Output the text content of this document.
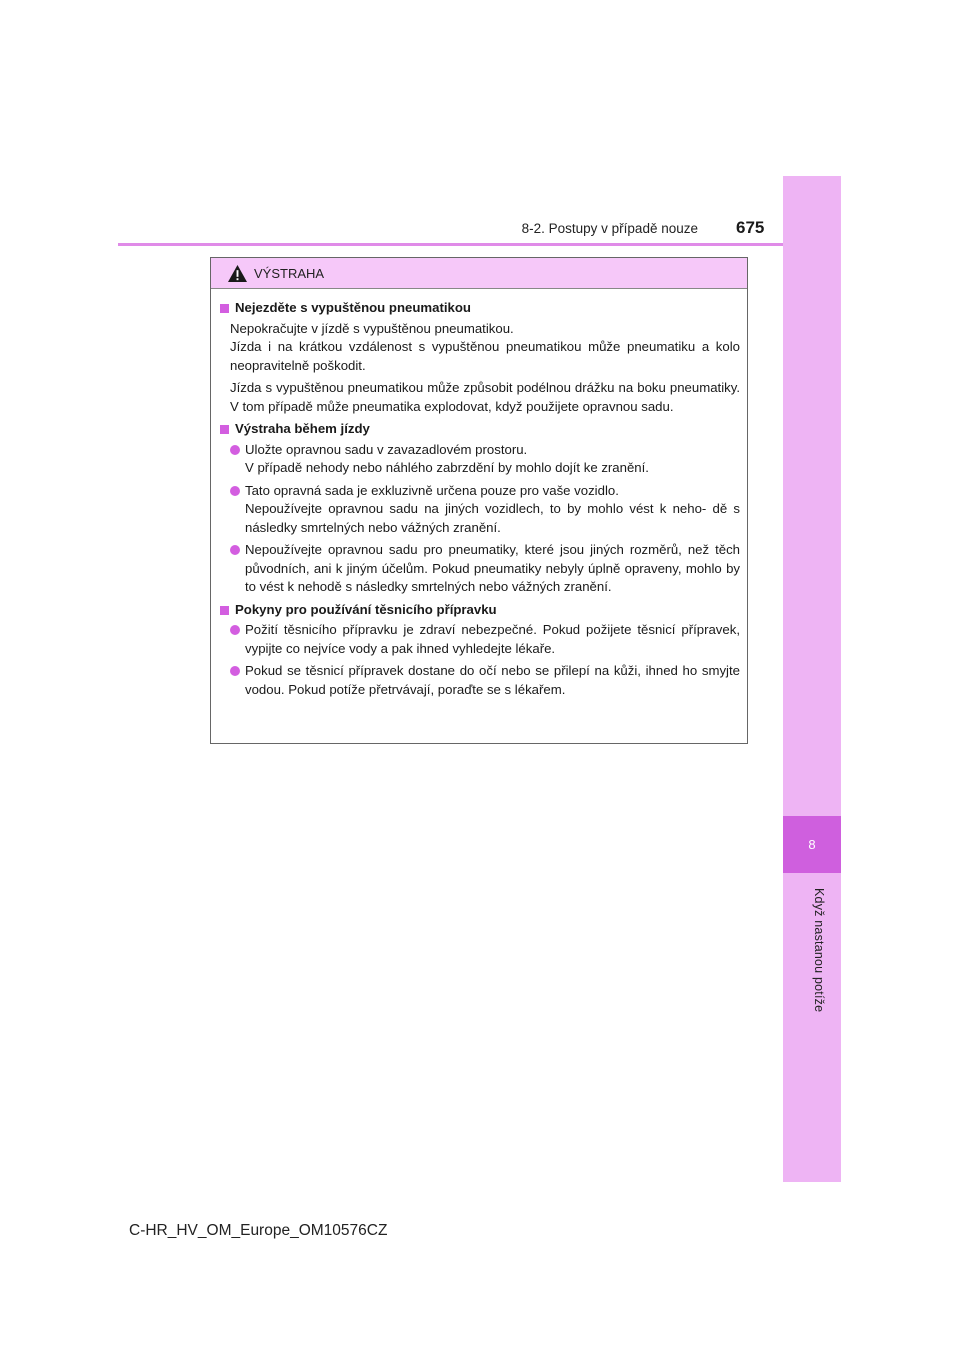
8
Když nastanou potíže
8-2. Postupy v případě nouze 675
VÝSTRAHA
Nejezděte s vypuštěnou pneumatikou
Nepokračujte v jízdě s vypuštěnou pneumatikou.
Jízda i na krátkou vzdálenost s vypuštěnou pneumatikou může pneumatiku a kolo neopravitelně poškodit.
Jízda s vypuštěnou pneumatikou může způsobit podélnou drážku na boku pneumatiky. V tom případě může pneumatika explodovat, když použijete opravnou sadu.
Výstraha během jízdy
Uložte opravnou sadu v zavazadlovém prostoru.
V případě nehody nebo náhlého zabrzdění by mohlo dojít ke zranění.
Tato opravná sada je exkluzivně určena pouze pro vaše vozidlo.
Nepoužívejte opravnou sadu na jiných vozidlech, to by mohlo vést k neho- dě s následky smrtelných nebo vážných zranění.
Nepoužívejte opravnou sadu pro pneumatiky, které jsou jiných rozměrů, než těch původních, ani k jiným účelům. Pokud pneumatiky nebyly úplně opraveny, mohlo by to vést k nehodě s následky smrtelných nebo vážných zranění.
Pokyny pro používání těsnicího přípravku
Požití těsnicího přípravku je zdraví nebezpečné. Pokud požijete těsnicí přípravek, vypijte co nejvíce vody a pak ihned vyhledejte lékaře.
Pokud se těsnicí přípravek dostane do očí nebo se přilepí na kůži, ihned ho smyjte vodou. Pokud potíže přetrvávají, poraďte se s lékařem.
C-HR_HV_OM_Europe_OM10576CZ
